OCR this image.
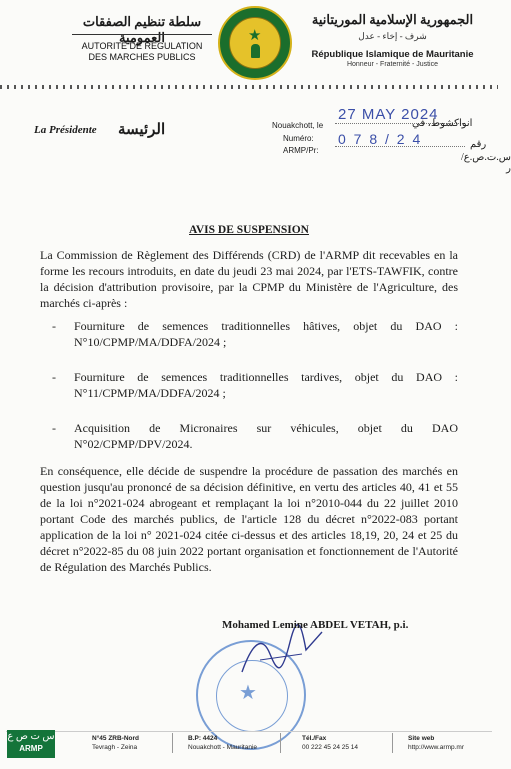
سلطة تنظيم الصفقات العمومية
AUTORITE DE REGULATION
DES MARCHES PUBLICS
★
الجمهورية الإسلامية الموريتانية
شرف - إخاء - عدل
République Islamique de Mauritanie
Honneur - Fraternité - Justice
La Présidente الرئيسة	Nouakchott, le
27 MAY 2024
انواكشوط، في
Numéro: 0 7 8 / 2 4	رقم
ARMP/Pr:
س.ت.ص.ع/ر
AVIS DE SUSPENSION
La Commission de Règlement des Différends (CRD) de l'ARMP dit recevables en la forme les recours introduits, en date du jeudi 23 mai 2024, par l'ETS-TAWFIK, contre la décision d'attribution provisoire, par la CPMP du Ministère de l'Agriculture, des marchés ci-après :
- Fourniture de semences traditionnelles hâtives, objet du DAO : N°10/CPMP/MA/DDFA/2024 ;
- Fourniture de semences traditionnelles tardives, objet du DAO : N°11/CPMP/MA/DDFA/2024 ;
- Acquisition de Micronaires sur véhicules, objet du DAO N°02/CPMP/DPV/2024.
En conséquence, elle décide de suspendre la procédure de passation des marchés en question jusqu'au prononcé de sa décision définitive, en vertu des articles 40, 41 et 55 de la loi n°2021-024 abrogeant et remplaçant la loi n°2010-044 du 22 juillet 2010 portant Code des marchés publics, de l'article 128 du décret n°2022-083 portant application de la loi n° 2021-024 citée ci-dessus et des articles 18,19, 20, 24 et 25 du décret n°2022-85 du 08 juin 2022 portant organisation et fonctionnement de l'Autorité de Régulation des Marchés Publics.
★
Mohamed Lemine ABDEL VETAH, p.i.
س ت ص ع
ARMP
N°45 ZRB-Nord
Tevragh - Zeina
B.P: 4424
Nouakchott - Mauritanie
Tél./Fax
00 222 45 24 25 14
Site web
http://www.armp.mr
